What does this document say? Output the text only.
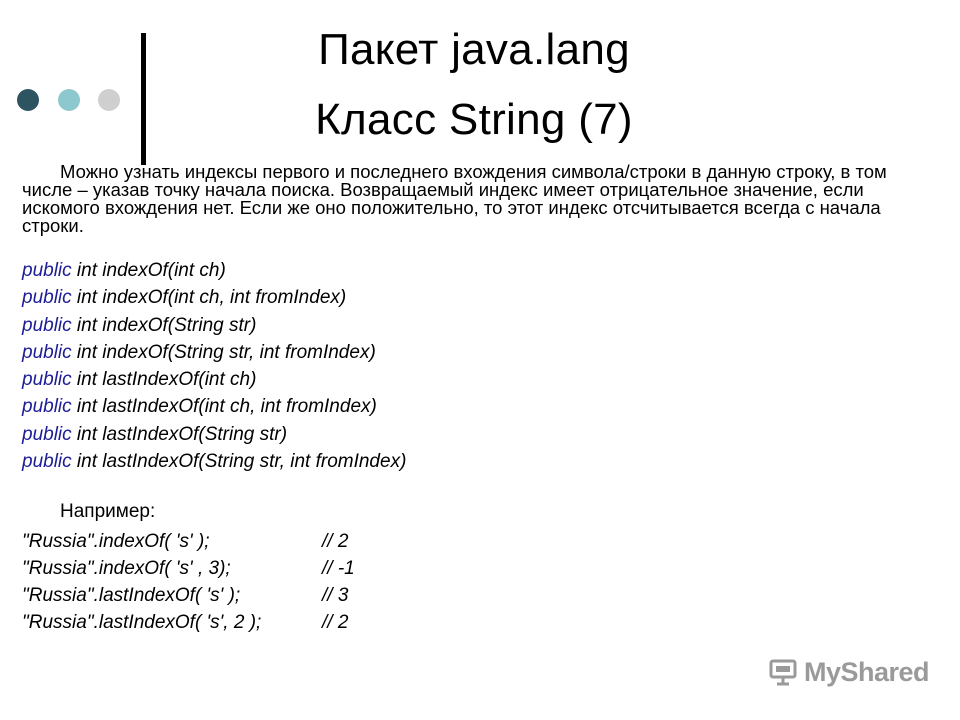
Пакет java.lang
Класс String (7)

Можно узнать индексы первого и последнего вхождения символа/строки в данную строку, в том числе – указав точку начала поиска. Возвращаемый индекс имеет отрицательное значение, если искомого вхождения нет. Если же оно положительно, то этот индекс отсчитывается всегда с начала строки.

public int indexOf(int ch)
public int indexOf(int ch, int fromIndex)
public int indexOf(String str)
public int indexOf(String str, int fromIndex)
public int lastIndexOf(int ch)
public int lastIndexOf(int ch, int fromIndex)
public int lastIndexOf(String str)
public int lastIndexOf(String str, int fromIndex)
Например:
"Russia".indexOf( 's' );	// 2
"Russia".indexOf( 's' , 3);	// -1
"Russia".lastIndexOf( 's' );	// 3
"Russia".lastIndexOf( 's', 2 );	// 2
MyShared
